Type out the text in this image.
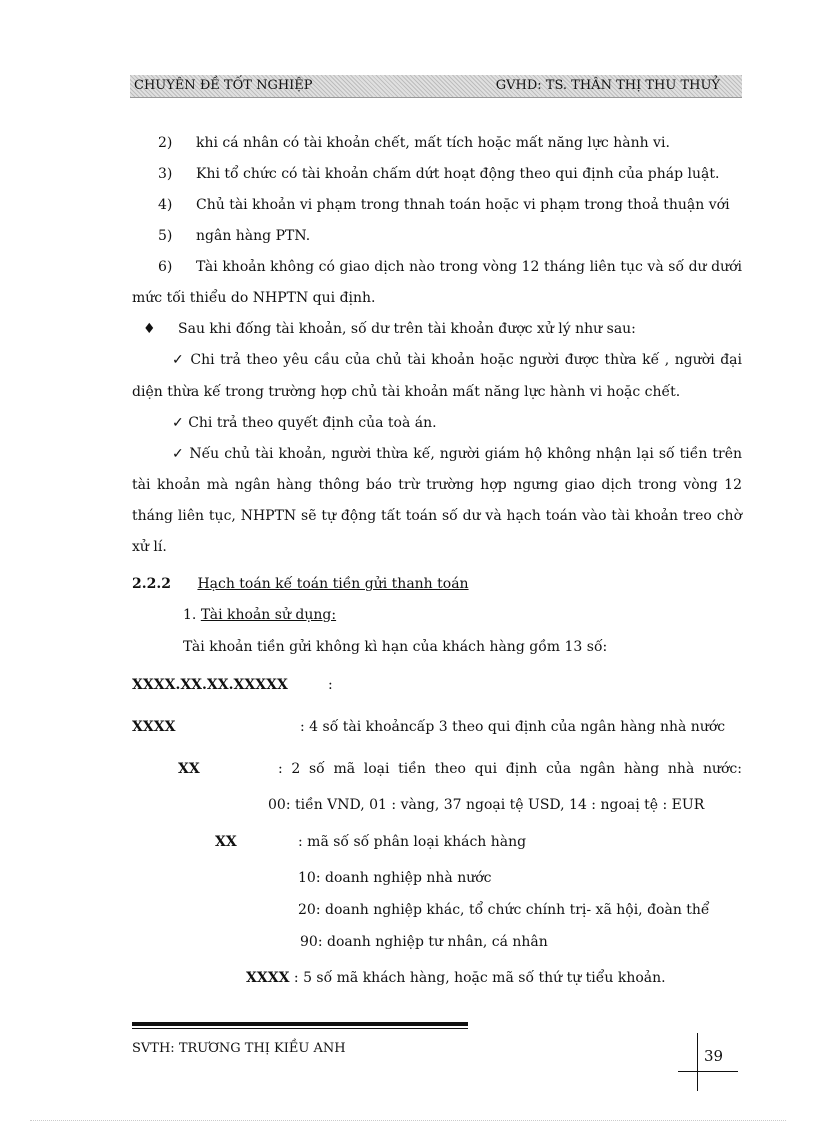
CHUYÊN ĐỀ TỐT NGHIỆP	GVHD: TS. THÂN THỊ THU THUỶ
2) khi cá nhân có tài khoản chết, mất tích hoặc mất năng lực hành vi.
3) Khi tổ chức có tài khoản chấm dứt hoạt động theo qui định của pháp luật.
4) Chủ tài khoản vi phạm trong thnah toán hoặc vi phạm trong thoả thuận với
5) ngân hàng PTN.
6) Tài khoản không có giao dịch nào trong vòng 12 tháng liên tục và số dư dưới
mức tối thiểu do NHPTN qui định.
♦ Sau khi đống tài khoản, số dư trên tài khoản được xử lý như sau:
✓ Chi trả theo yêu cầu của chủ tài khoản hoặc người được thừa kế , người đại
diện thừa kế trong trường hợp chủ tài khoản mất năng lực hành vi hoặc chết.
✓ Chi trả theo quyết định của toà án.
✓ Nếu chủ tài khoản, người thừa kế, người giám hộ không nhận lại số tiền trên
tài khoản mà ngân hàng thông báo trừ trường hợp ngưng giao dịch trong vòng 12
tháng liên tục, NHPTN sẽ tự động tất toán số dư và hạch toán vào tài khoản treo chờ
xử lí.
2.2.2 Hạch toán kế toán tiền gửi thanh toán
1. Tài khoản sử dụng:
Tài khoản tiền gửi không kì hạn của khách hàng gồm 13 số:
XXXX.XX.XX.XXXXX	:
XXXX	: 4 số tài khoảncấp 3 theo qui định của ngân hàng nhà nước
XX	: 2 số mã loại tiền theo qui định của ngân hàng nhà nước:
00: tiền VND, 01 : vàng, 37 ngoại tệ USD, 14 : ngoaị tệ : EUR
XX	: mã số số phân loại khách hàng
10: doanh nghiệp nhà nước
20: doanh nghiệp khác, tổ chức chính trị- xã hội, đoàn thể
90: doanh nghiệp tư nhân, cá nhân
XXXX : 5 số mã khách hàng, hoặc mã số thứ tự tiểu khoản.
SVTH: TRƯƠNG THỊ KIỀU ANH	39
